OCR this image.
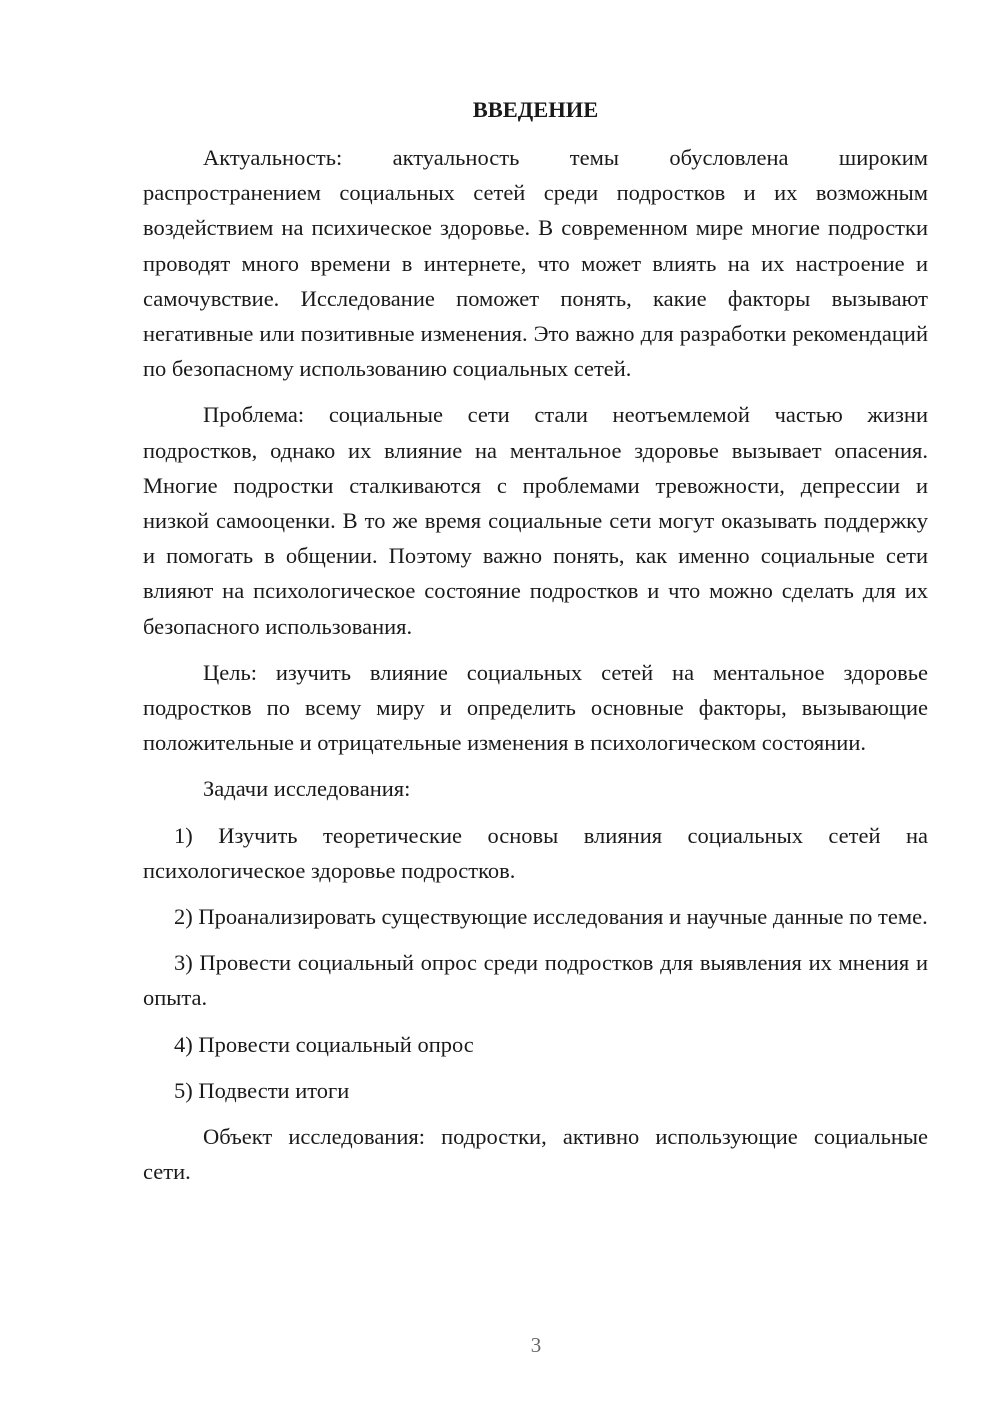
ВВЕДЕНИЕ

Актуальность: актуальность темы обусловлена широким распространением социальных сетей среди подростков и их возможным воздействием на психическое здоровье. В современном мире многие подростки проводят много времени в интернете, что может влиять на их настроение и самочувствие. Исследование поможет понять, какие факторы вызывают негативные или позитивные изменения. Это важно для разработки рекомендаций по безопасному использованию социальных сетей.

Проблема: социальные сети стали неотъемлемой частью жизни подростков, однако их влияние на ментальное здоровье вызывает опасения. Многие подростки сталкиваются с проблемами тревожности, депрессии и низкой самооценки. В то же время социальные сети могут оказывать поддержку и помогать в общении. Поэтому важно понять, как именно социальные сети влияют на психологическое состояние подростков и что можно сделать для их безопасного использования.

Цель: изучить влияние социальных сетей на ментальное здоровье подростков по всему миру и определить основные факторы, вызывающие положительные и отрицательные изменения в психологическом состоянии.

Задачи исследования:

1) Изучить теоретические основы влияния социальных сетей на психологическое здоровье подростков.

2) Проанализировать существующие исследования и научные данные по теме.

3) Провести социальный опрос среди подростков для выявления их мнения и опыта.

4) Провести социальный опрос

5) Подвести итоги

Объект исследования: подростки, активно использующие социальные сети.

3
